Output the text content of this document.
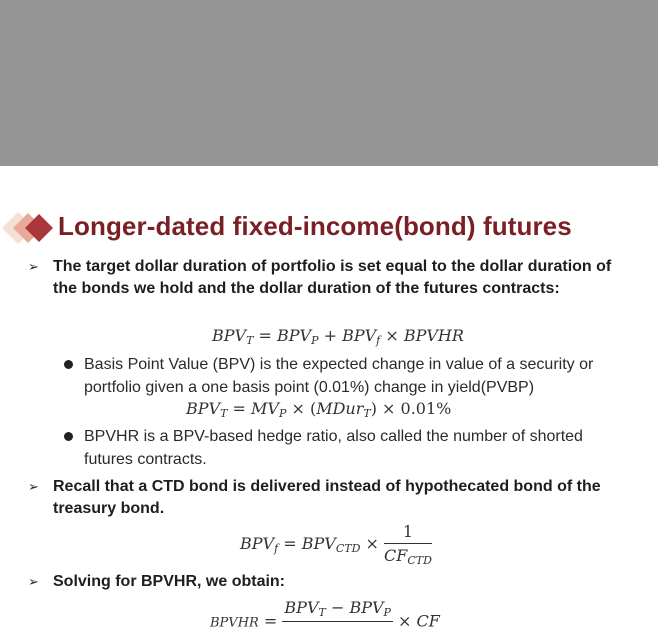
Longer-dated fixed-income(bond) futures
➢ The target dollar duration of portfolio is set equal to the dollar duration of the bonds we hold and the dollar duration of the futures contracts:
$BPV_T = BPV_P + BPV_f$ × BPVHR
Basis Point Value (BPV) is the expected change in value of a security or portfolio given a one basis point (0.01%) change in yield(PVBP)
$BPV_T = MV_P$ × (MDur$_T$) × 0.01%
BPVHR is a BPV-based hedge ratio, also called the number of shorted futures contracts.
➢ Recall that a CTD bond is delivered instead of hypothecated bond of the treasury bond.
$BPV_f = BPV_{CTD} \times \frac{1}{CF_{CTD}}$
➢ Solving for BPVHR, we obtain:
$_{BPVHR}$ =
$BPV_T - BPV_P$ × CF
